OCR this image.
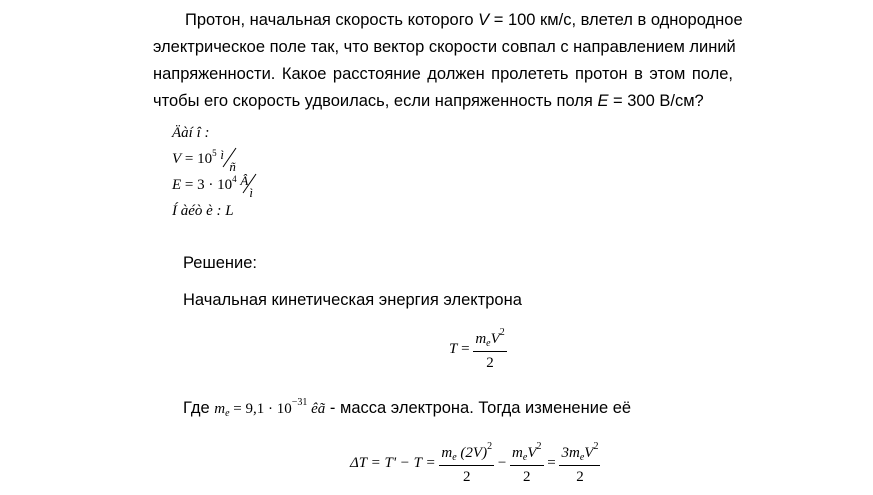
Протон, начальная скорость которого V = 100 км/с, влетел в однородное
электрическое поле так, что вектор скорости совпал с направлением линий
напряженности. Какое расстояние должен пролететь протон в этом поле,
чтобы его скорость удвоилась, если напряженность поля E = 300 В/см?
Äàí î :
$V = 10^5$ ì
ñ
$E = 3 \cdot 10^4$ Â
ì
Í àéò è : L
Решение:
Начальная кинетическая энергия электрона
T =
$m_eV^2$
2
Где $m_e = 9,1 \cdot 10^{-31}$ êã - масса электрона. Тогда изменение её
$\Delta T = T' - T = \frac{m_e (2V)^2}{2}$ −
$m_eV^2$
2
=
$3m_eV^2$
2
